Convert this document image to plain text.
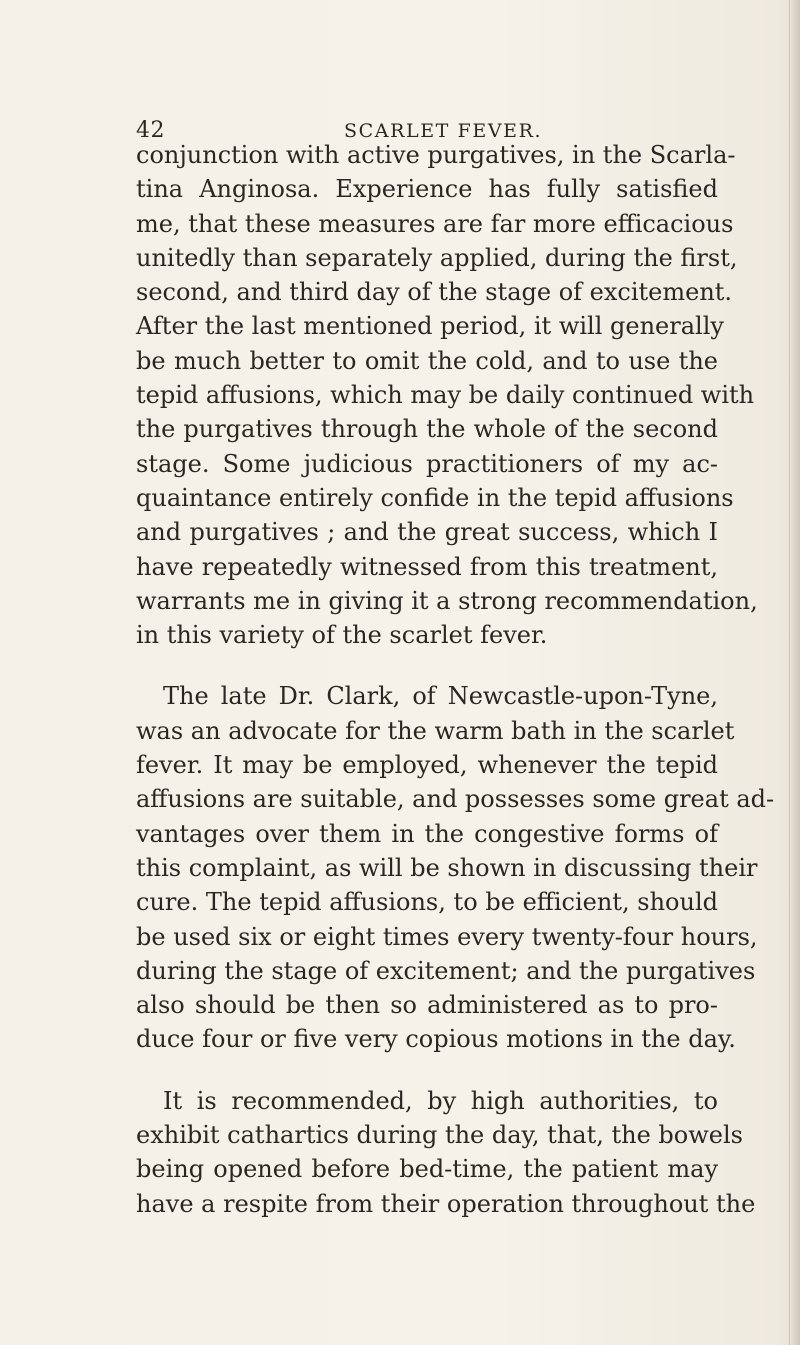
42	SCARLET FEVER.
conjunction with active purgatives, in the Scarla-
tina Anginosa. Experience has fully satisfied
me, that these measures are far more efficacious
unitedly than separately applied, during the first,
second, and third day of the stage of excitement.
After the last mentioned period, it will generally
be much better to omit the cold, and to use the
tepid affusions, which may be daily continued with
the purgatives through the whole of the second
stage. Some judicious practitioners of my ac-
quaintance entirely confide in the tepid affusions
and purgatives ; and the great success, which I
have repeatedly witnessed from this treatment,
warrants me in giving it a strong recommendation,
in this variety of the scarlet fever.
The late Dr. Clark, of Newcastle-upon-Tyne,
was an advocate for the warm bath in the scarlet
fever. It may be employed, whenever the tepid
affusions are suitable, and possesses some great ad-
vantages over them in the congestive forms of
this complaint, as will be shown in discussing their
cure. The tepid affusions, to be efficient, should
be used six or eight times every twenty-four hours,
during the stage of excitement; and the purgatives
also should be then so administered as to pro-
duce four or five very copious motions in the day.
It is recommended, by high authorities, to
exhibit cathartics during the day, that, the bowels
being opened before bed-time, the patient may
have a respite from their operation throughout the
